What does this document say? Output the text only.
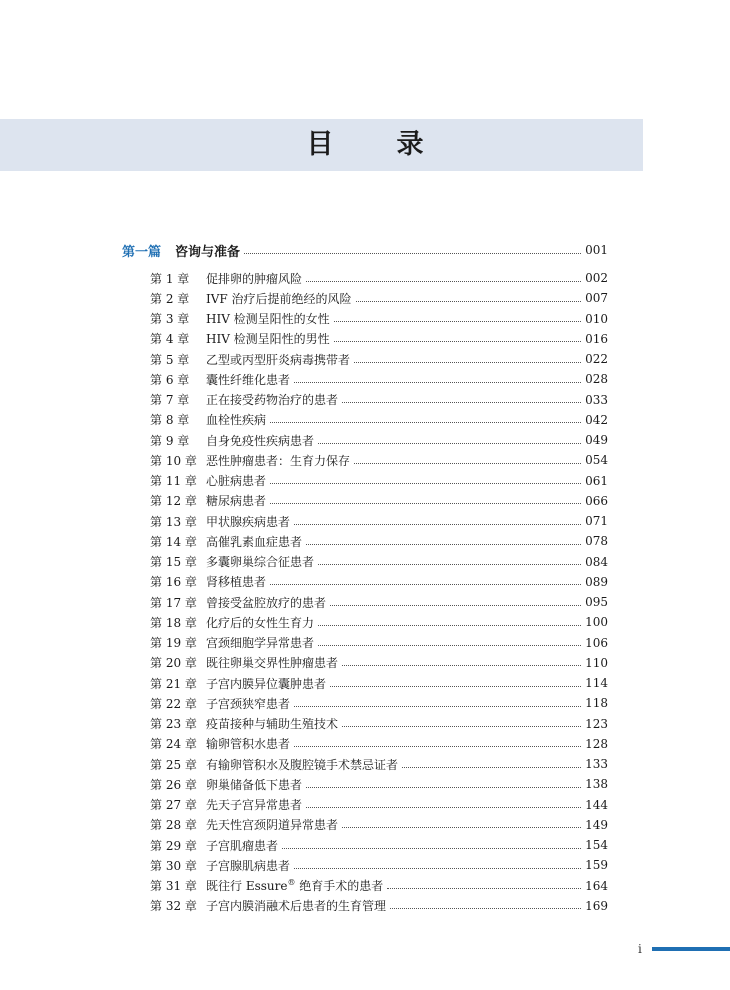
目　录
第一篇 咨询与准备	001
第 1 章	促排卵的肿瘤风险	002
第 2 章	IVF 治疗后提前绝经的风险	007
第 3 章	HIV 检测呈阳性的女性	010
第 4 章	HIV 检测呈阳性的男性	016
第 5 章	乙型或丙型肝炎病毒携带者	022
第 6 章	囊性纤维化患者	028
第 7 章	正在接受药物治疗的患者	033
第 8 章	血栓性疾病	042
第 9 章	自身免疫性疾病患者	049
第 10 章 恶性肿瘤患者：生育力保存	054
第 11 章 心脏病患者	061
第 12 章 糖尿病患者	066
第 13 章 甲状腺疾病患者	071
第 14 章 高催乳素血症患者	078
第 15 章 多囊卵巢综合征患者	084
第 16 章 肾移植患者	089
第 17 章 曾接受盆腔放疗的患者	095
第 18 章 化疗后的女性生育力	100
第 19 章 宫颈细胞学异常患者	106
第 20 章 既往卵巢交界性肿瘤患者	110
第 21 章 子宫内膜异位囊肿患者	114
第 22 章 子宫颈狭窄患者	118
第 23 章 疫苗接种与辅助生殖技术	123
第 24 章 输卵管积水患者	128
第 25 章 有输卵管积水及腹腔镜手术禁忌证者	133
第 26 章 卵巢储备低下患者	138
第 27 章 先天子宫异常患者	144
第 28 章 先天性宫颈阴道异常患者	149
第 29 章 子宫肌瘤患者	154
第 30 章 子宫腺肌病患者	159
第 31 章 既往行 Essure® 绝育手术的患者	164
第 32 章 子宫内膜消融术后患者的生育管理	169
i
